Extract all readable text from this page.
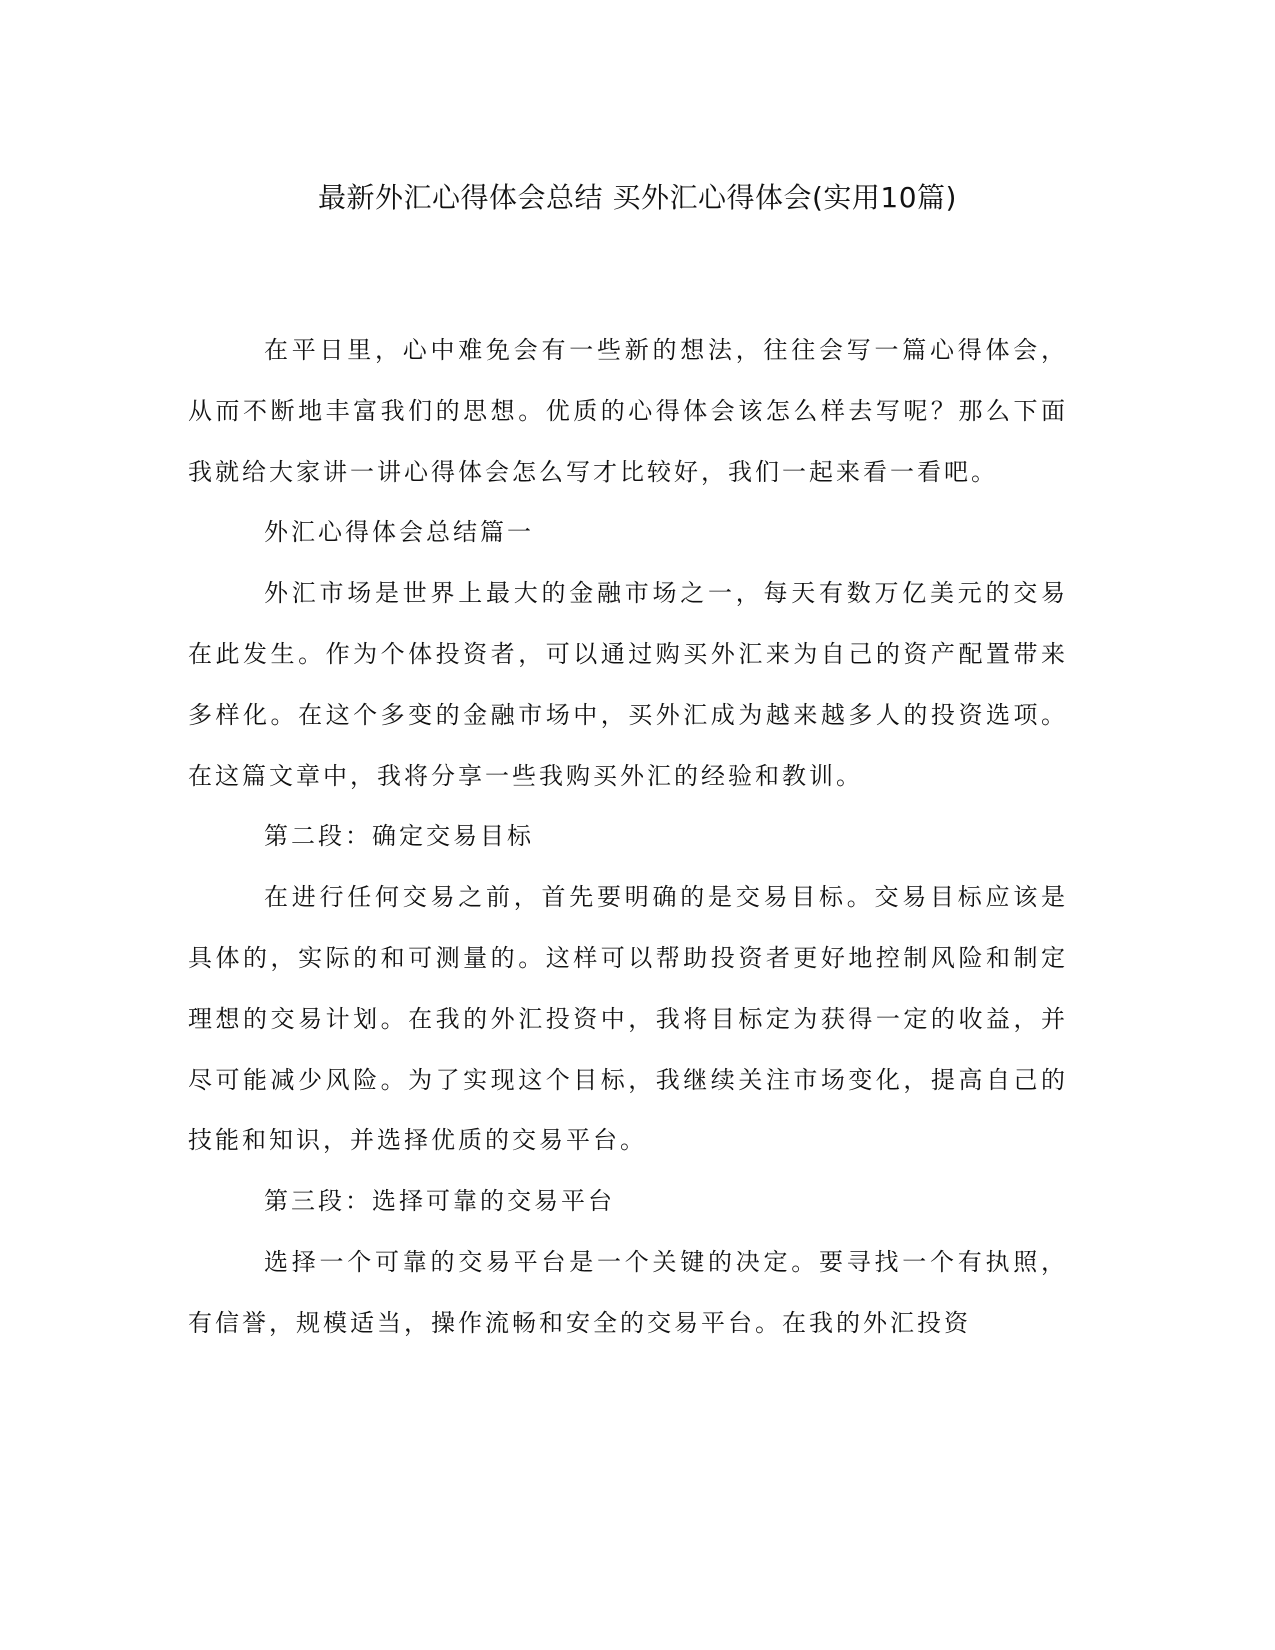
最新外汇心得体会总结 买外汇心得体会(实用10篇)

在平日里，心中难免会有一些新的想法，往往会写一篇心得体会，从而不断地丰富我们的思想。优质的心得体会该怎么样去写呢？那么下面我就给大家讲一讲心得体会怎么写才比较好，我们一起来看一看吧。

外汇心得体会总结篇一

外汇市场是世界上最大的金融市场之一，每天有数万亿美元的交易在此发生。作为个体投资者，可以通过购买外汇来为自己的资产配置带来多样化。在这个多变的金融市场中，买外汇成为越来越多人的投资选项。在这篇文章中，我将分享一些我购买外汇的经验和教训。

第二段：确定交易目标

在进行任何交易之前，首先要明确的是交易目标。交易目标应该是具体的，实际的和可测量的。这样可以帮助投资者更好地控制风险和制定理想的交易计划。在我的外汇投资中，我将目标定为获得一定的收益，并尽可能减少风险。为了实现这个目标，我继续关注市场变化，提高自己的技能和知识，并选择优质的交易平台。

第三段：选择可靠的交易平台

选择一个可靠的交易平台是一个关键的决定。要寻找一个有执照，有信誉，规模适当，操作流畅和安全的交易平台。在我的外汇投资
